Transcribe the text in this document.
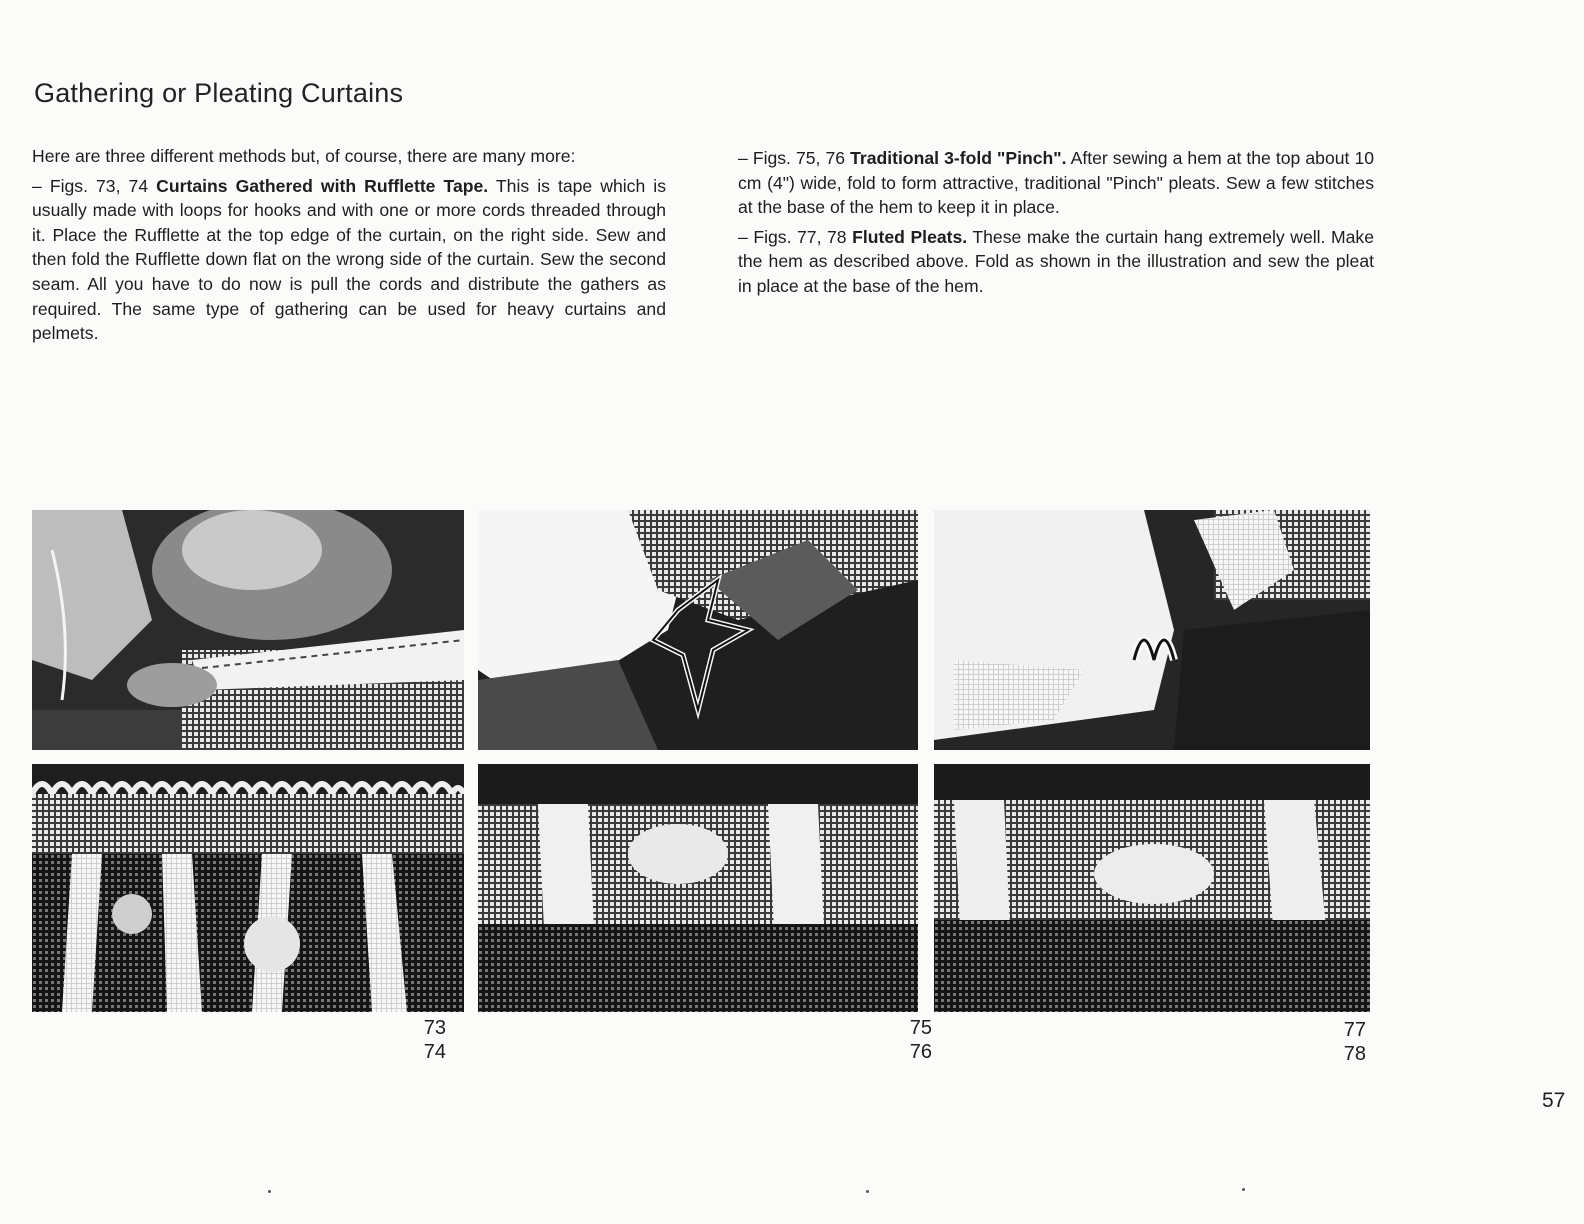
Gathering or Pleating Curtains

Here are three different methods but, of course, there are many more:

– Figs. 73, 74 Curtains Gathered with Rufflette Tape. This is tape which is usually made with loops for hooks and with one or more cords threaded through it. Place the Rufflette at the top edge of the curtain, on the right side. Sew and then fold the Rufflette down flat on the wrong side of the curtain. Sew the second seam. All you have to do now is pull the cords and distribute the gathers as required. The same type of gathering can be used for heavy curtains and pelmets.

– Figs. 75, 76 Traditional 3-fold "Pinch". After sewing a hem at the top about 10 cm (4") wide, fold to form attractive, traditional "Pinch" pleats. Sew a few stitches at the base of the hem to keep it in place.

– Figs. 77, 78 Fluted Pleats. These make the curtain hang extremely well. Make the hem as described above. Fold as shown in the illustration and sew the pleat in place at the base of the hem.

73
74
75
76
77
78
57
